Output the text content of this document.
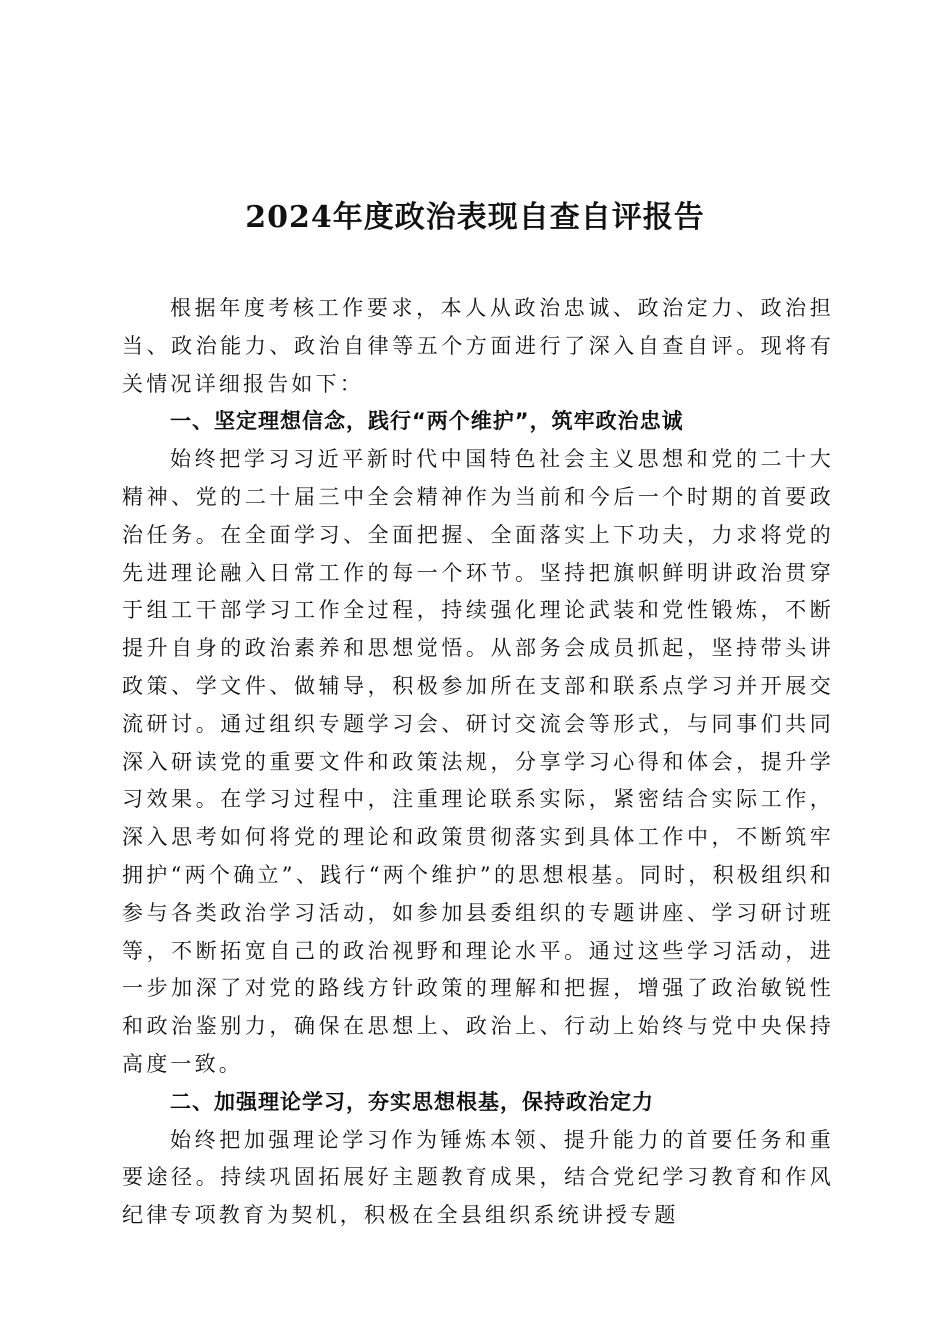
2024年度政治表现自查自评报告

根据年度考核工作要求，本人从政治忠诚、政治定力、政治担当、政治能力、政治自律等五个方面进行了深入自查自评。现将有关情况详细报告如下：

一、坚定理想信念，践行“两个维护”，筑牢政治忠诚

始终把学习习近平新时代中国特色社会主义思想和党的二十大精神、党的二十届三中全会精神作为当前和今后一个时期的首要政治任务。在全面学习、全面把握、全面落实上下功夫，力求将党的先进理论融入日常工作的每一个环节。坚持把旗帜鲜明讲政治贯穿于组工干部学习工作全过程，持续强化理论武装和党性锻炼，不断提升自身的政治素养和思想觉悟。从部务会成员抓起，坚持带头讲政策、学文件、做辅导，积极参加所在支部和联系点学习并开展交流研讨。通过组织专题学习会、研讨交流会等形式，与同事们共同深入研读党的重要文件和政策法规，分享学习心得和体会，提升学习效果。在学习过程中，注重理论联系实际，紧密结合实际工作，深入思考如何将党的理论和政策贯彻落实到具体工作中，不断筑牢拥护“两个确立”、践行“两个维护”的思想根基。同时，积极组织和参与各类政治学习活动，如参加县委组织的专题讲座、学习研讨班等，不断拓宽自己的政治视野和理论水平。通过这些学习活动，进一步加深了对党的路线方针政策的理解和把握，增强了政治敏锐性和政治鉴别力，确保在思想上、政治上、行动上始终与党中央保持高度一致。

二、加强理论学习，夯实思想根基，保持政治定力

始终把加强理论学习作为锤炼本领、提升能力的首要任务和重要途径。持续巩固拓展好主题教育成果，结合党纪学习教育和作风纪律专项教育为契机，积极在全县组织系统讲授专题
